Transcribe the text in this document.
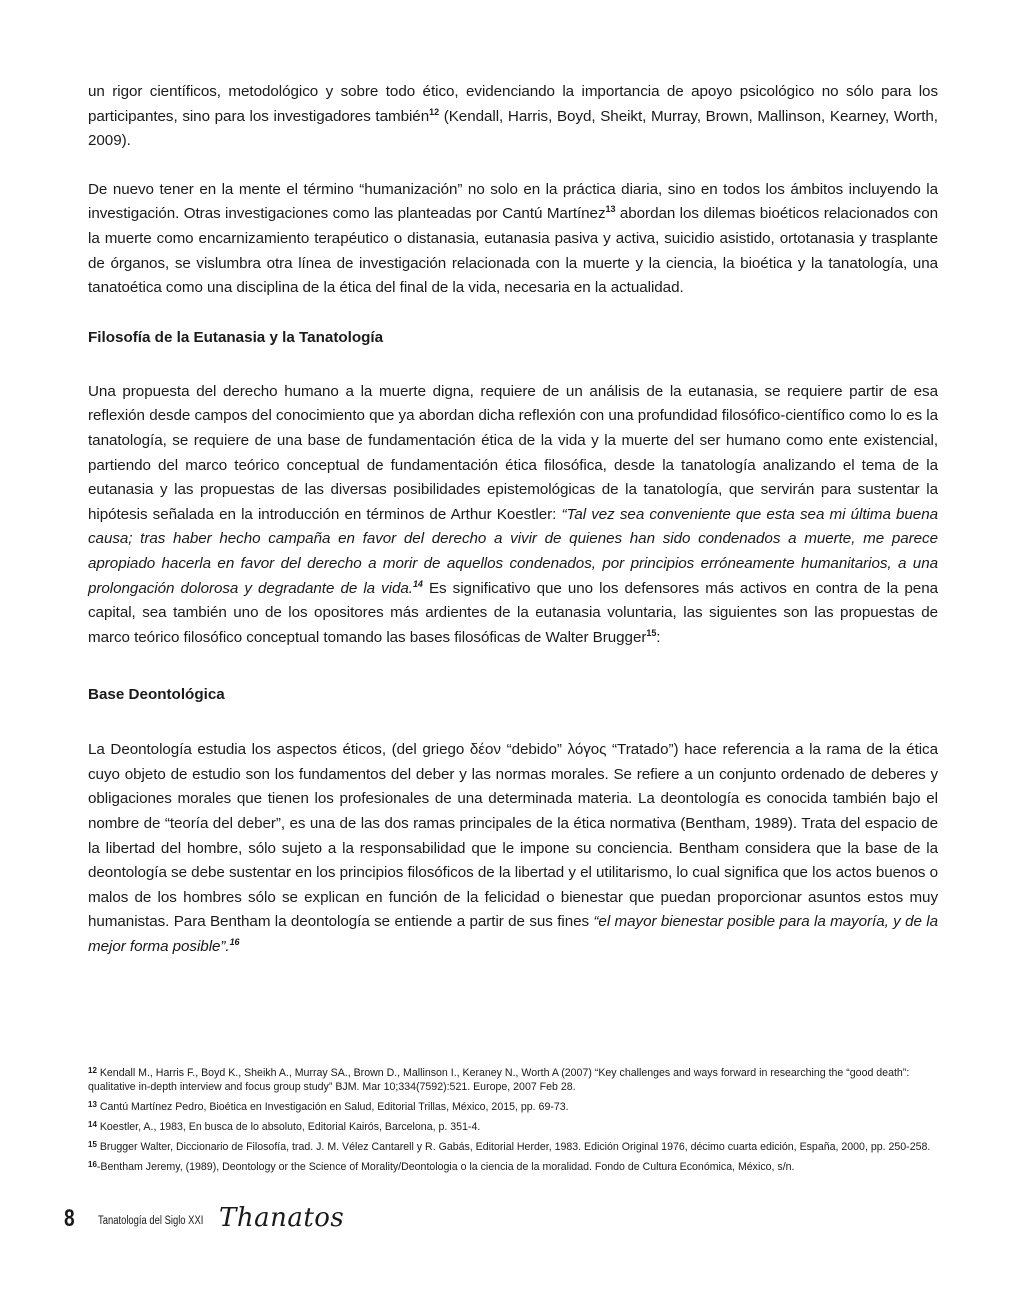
un rigor científicos, metodológico y sobre todo ético, evidenciando la importancia de apoyo psicológico no sólo para los participantes, sino para los investigadores también$^{12}$ (Kendall, Harris, Boyd, Sheikt, Murray, Brown, Mallinson, Kearney, Worth, 2009).

De nuevo tener en la mente el término “humanización” no solo en la práctica diaria, sino en todos los ámbitos incluyendo la investigación. Otras investigaciones como las planteadas por Cantú Martínez$^{13}$ abordan los dilemas bioéticos relacionados con la muerte como encarnizamiento terapéutico o distanasia, eutanasia pasiva y activa, suicidio asistido, ortotanasia y trasplante de órganos, se vislumbra otra línea de investigación relacionada con la muerte y la ciencia, la bioética y la tanatología, una tanatoética como una disciplina de la ética del final de la vida, necesaria en la actualidad.

Filosofía de la Eutanasia y la Tanatología

Una propuesta del derecho humano a la muerte digna, requiere de un análisis de la eutanasia, se requiere partir de esa reflexión desde campos del conocimiento que ya abordan dicha reflexión con una profundidad filosófico-científico como lo es la tanatología, se requiere de una base de fundamentación ética de la vida y la muerte del ser humano como ente existencial, partiendo del marco teórico conceptual de fundamentación ética filosófica, desde la tanatología analizando el tema de la eutanasia y las propuestas de las diversas posibilidades epistemológicas de la tanatología, que servirán para sustentar la hipótesis señalada en la introducción en términos de Arthur Koestler: “Tal vez sea conveniente que esta sea mi última buena causa; tras haber hecho campaña en favor del derecho a vivir de quienes han sido condenados a muerte, me parece apropiado hacerla en favor del derecho a morir de aquellos condenados, por principios erróneamente humanitarios, a una prolongación dolorosa y degradante de la vida.$^{14}$ Es significativo que uno los defensores más activos en contra de la pena capital, sea también uno de los opositores más ardientes de la eutanasia voluntaria, las siguientes son las propuestas de marco teórico filosófico conceptual tomando las bases filosóficas de Walter Brugger$^{15}$:

Base Deontológica

La Deontología estudia los aspectos éticos, (del griego δέον “debido” λόγος “Tratado”) hace referencia a la rama de la ética cuyo objeto de estudio son los fundamentos del deber y las normas morales. Se refiere a un conjunto ordenado de deberes y obligaciones morales que tienen los profesionales de una determinada materia. La deontología es conocida también bajo el nombre de “teoría del deber”, es una de las dos ramas principales de la ética normativa (Bentham, 1989). Trata del espacio de la libertad del hombre, sólo sujeto a la responsabilidad que le impone su conciencia. Bentham considera que la base de la deontología se debe sustentar en los principios filosóficos de la libertad y el utilitarismo, lo cual significa que los actos buenos o malos de los hombres sólo se explican en función de la felicidad o bienestar que puedan proporcionar asuntos estos muy humanistas. Para Bentham la deontología se entiende a partir de sus fines “el mayor bienestar posible para la mayoría, y de la mejor forma posible”.$^{16}$

$^{12}$ Kendall M., Harris F., Boyd K., Sheikh A., Murray SA., Brown D., Mallinson I., Keraney N., Worth A (2007) “Key challenges and ways forward in researching the “good death”: qualitative in-depth interview and focus group study” BJM. Mar 10;334(7592):521. Europe, 2007 Feb 28.

$^{13}$ Cantú Martínez Pedro, Bioética en Investigación en Salud, Editorial Trillas, México, 2015, pp. 69-73.

$^{14}$ Koestler, A., 1983, En busca de lo absoluto, Editorial Kairós, Barcelona, p. 351-4.

$^{15}$ Brugger Walter, Diccionario de Filosofía, trad. J. M. Vélez Cantarell y R. Gabás, Editorial Herder, 1983. Edición Original 1976, décimo cuarta edición, España, 2000, pp. 250-258.

$^{16}$-Bentham Jeremy, (1989), Deontology or the Science of Morality/Deontologia o la ciencia de la moralidad. Fondo de Cultura Económica, México, s/n.

8 Tanatología del Siglo XXI Thanatos
